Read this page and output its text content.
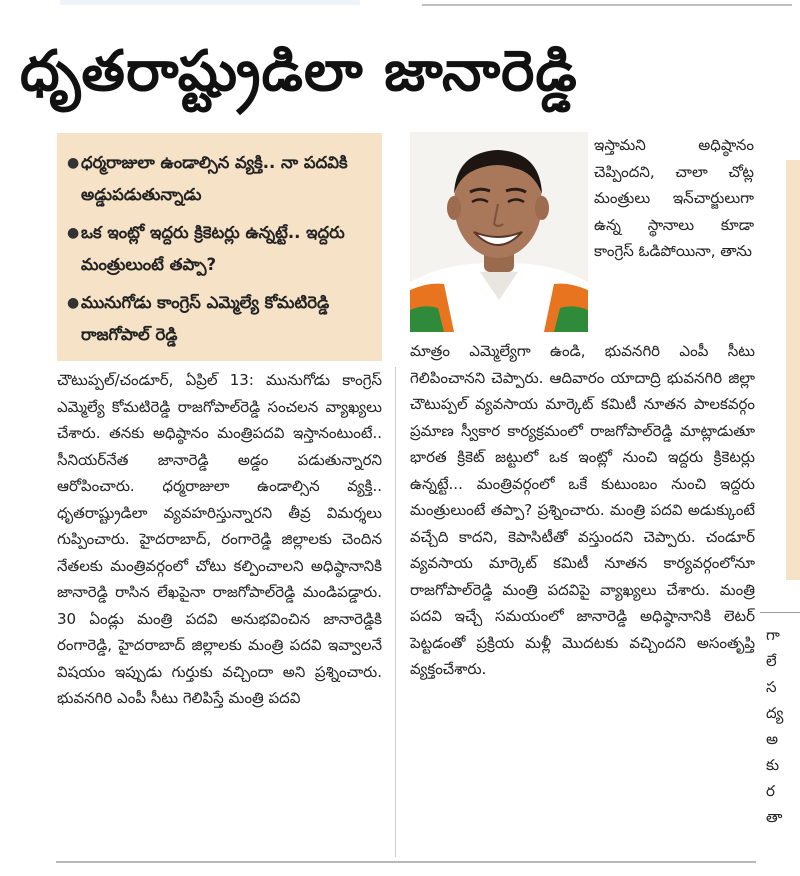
ధృతరాష్ట్రుడిలా జానారెడ్డి
● ధర్మరాజులా ఉండాల్సిన వ్యక్తి.. నా పదవికి అడ్డుపడుతున్నాడు
● ఒక ఇంట్లో ఇద్దరు క్రికెటర్లు ఉన్నట్టే.. ఇద్దరు మంత్రులుంటే తప్పా?
● మునుగోడు కాంగ్రెస్ ఎమ్మెల్యే కోమటిరెడ్డి రాజగోపాల్ రెడ్డి

చౌటుప్పల్/చండూర్, ఏప్రిల్ 13: మునుగోడు కాంగ్రెస్ ఎమ్మెల్యే కోమటిరెడ్డి రాజగోపాల్‌రెడ్డి సంచలన వ్యాఖ్యలు చేశారు. తనకు అధిష్ఠానం మంత్రిపదవి ఇస్తానంటుంటే.. సీనియర్‌నేత జానారెడ్డి అడ్డం పడుతున్నారని ఆరోపించారు. ధర్మరాజులా ఉండాల్సిన వ్యక్తి.. ధృతరాష్ట్రుడిలా వ్యవహరిస్తున్నారని తీవ్ర విమర్శలు గుప్పించారు. హైదరాబాద్, రంగారెడ్డి జిల్లాలకు చెందిన నేతలకు మంత్రివర్గంలో చోటు కల్పించాలని అధిష్ఠానానికి జానారెడ్డి రాసిన లేఖపైనా రాజగోపాల్‌రెడ్డి మండిపడ్డారు. 30 ఏండ్లు మంత్రి పదవి అనుభవించిన జానారెడ్డికి రంగారెడ్డి, హైదరాబాద్ జిల్లాలకు మంత్రి పదవి ఇవ్వాలనే విషయం ఇప్పుడు గుర్తుకు వచ్చిందా అని ప్రశ్నించారు. భువనగిరి ఎంపీ సీటు గెలిపిస్తే మంత్రి పదవి

ఇస్తామని అధిష్ఠానం చెప్పిందని, చాలా చోట్ల మంత్రులు ఇన్‌చార్జులుగా ఉన్న స్థానాలు కూడా కాంగ్రెస్ ఓడిపోయినా, తాను

మాత్రం ఎమ్మెల్యేగా ఉండి, భువనగిరి ఎంపీ సీటు గెలిపించానని చెప్పారు. ఆదివారం యాదాద్రి భువనగిరి జిల్లా చౌటుప్పల్ వ్యవసాయ మార్కెట్ కమిటీ నూతన పాలకవర్గం ప్రమాణ స్వీకార కార్యక్రమంలో రాజగోపాల్‌రెడ్డి మాట్లాడుతూ భారత క్రికెట్ జట్టులో ఒక ఇంట్లో నుంచి ఇద్దరు క్రికెటర్లు ఉన్నట్టే... మంత్రివర్గంలో ఒకే కుటుంబం నుంచి ఇద్దరు మంత్రులుంటే తప్పా? ప్రశ్నించారు. మంత్రి పదవి అడుక్కుంటే వచ్చేది కాదని, కెపాసిటీతో వస్తుందని చెప్పారు. చండూర్ వ్యవసాయ మార్కెట్ కమిటీ నూతన కార్యవర్గంలోనూ రాజగోపాల్‌రెడ్డి మంత్రి పదవిపై వ్యాఖ్యలు చేశారు. మంత్రి పదవి ఇచ్చే సమయంలో జానారెడ్డి అధిష్ఠానానికి లెటర్ పెట్టడంతో ప్రక్రియ మళ్లీ మొదటకు వచ్చిందని అసంతృప్తి వ్యక్తంచేశారు.

గా
లే
స
ద్య
అ
కు
ర
తా
